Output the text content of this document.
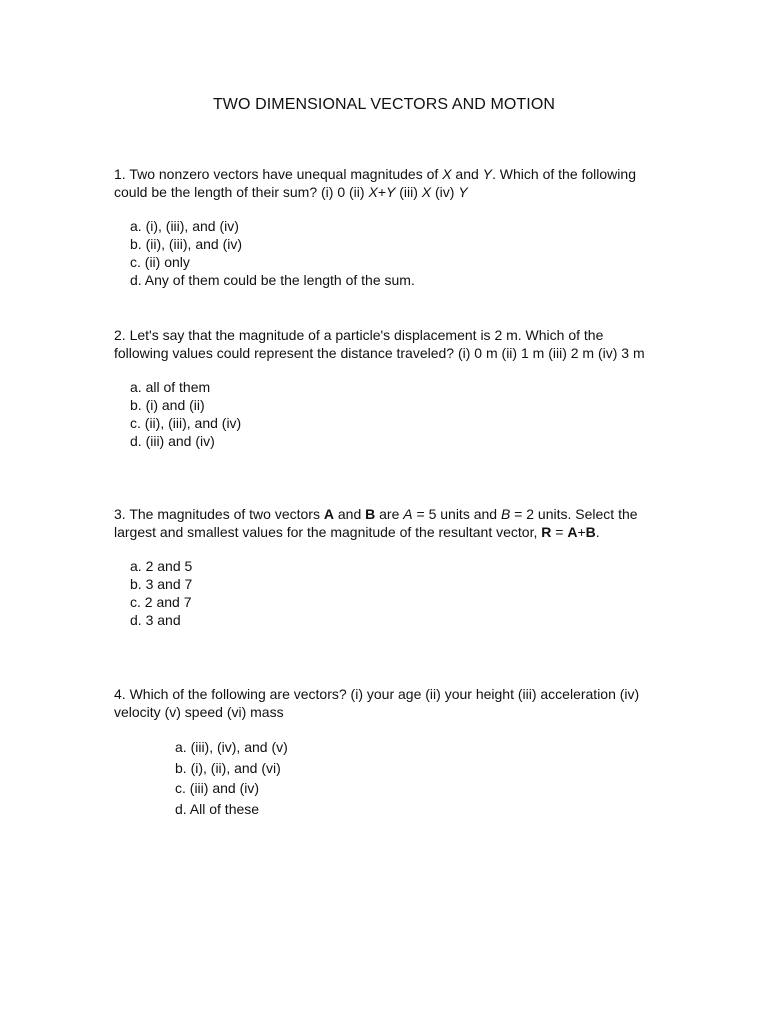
TWO DIMENSIONAL VECTORS AND MOTION

1. Two nonzero vectors have unequal magnitudes of X and Y. Which of the following could be the length of their sum? (i) 0 (ii) X+Y (iii) X (iv) Y

a. (i), (iii), and (iv)
b. (ii), (iii), and (iv)
c. (ii) only
d. Any of them could be the length of the sum.

2. Let's say that the magnitude of a particle's displacement is 2 m. Which of the following values could represent the distance traveled? (i) 0 m (ii) 1 m (iii) 2 m (iv) 3 m

a. all of them
b. (i) and (ii)
c. (ii), (iii), and (iv)
d. (iii) and (iv)

3. The magnitudes of two vectors A and B are A = 5 units and B = 2 units. Select the largest and smallest values for the magnitude of the resultant vector, R = A+B.

a. 2 and 5
b. 3 and 7
c. 2 and 7
d. 3 and

4. Which of the following are vectors? (i) your age (ii) your height (iii) acceleration (iv) velocity (v) speed (vi) mass

a. (iii), (iv), and (v)
b. (i), (ii), and (vi)
c. (iii) and (iv)
d. All of these
